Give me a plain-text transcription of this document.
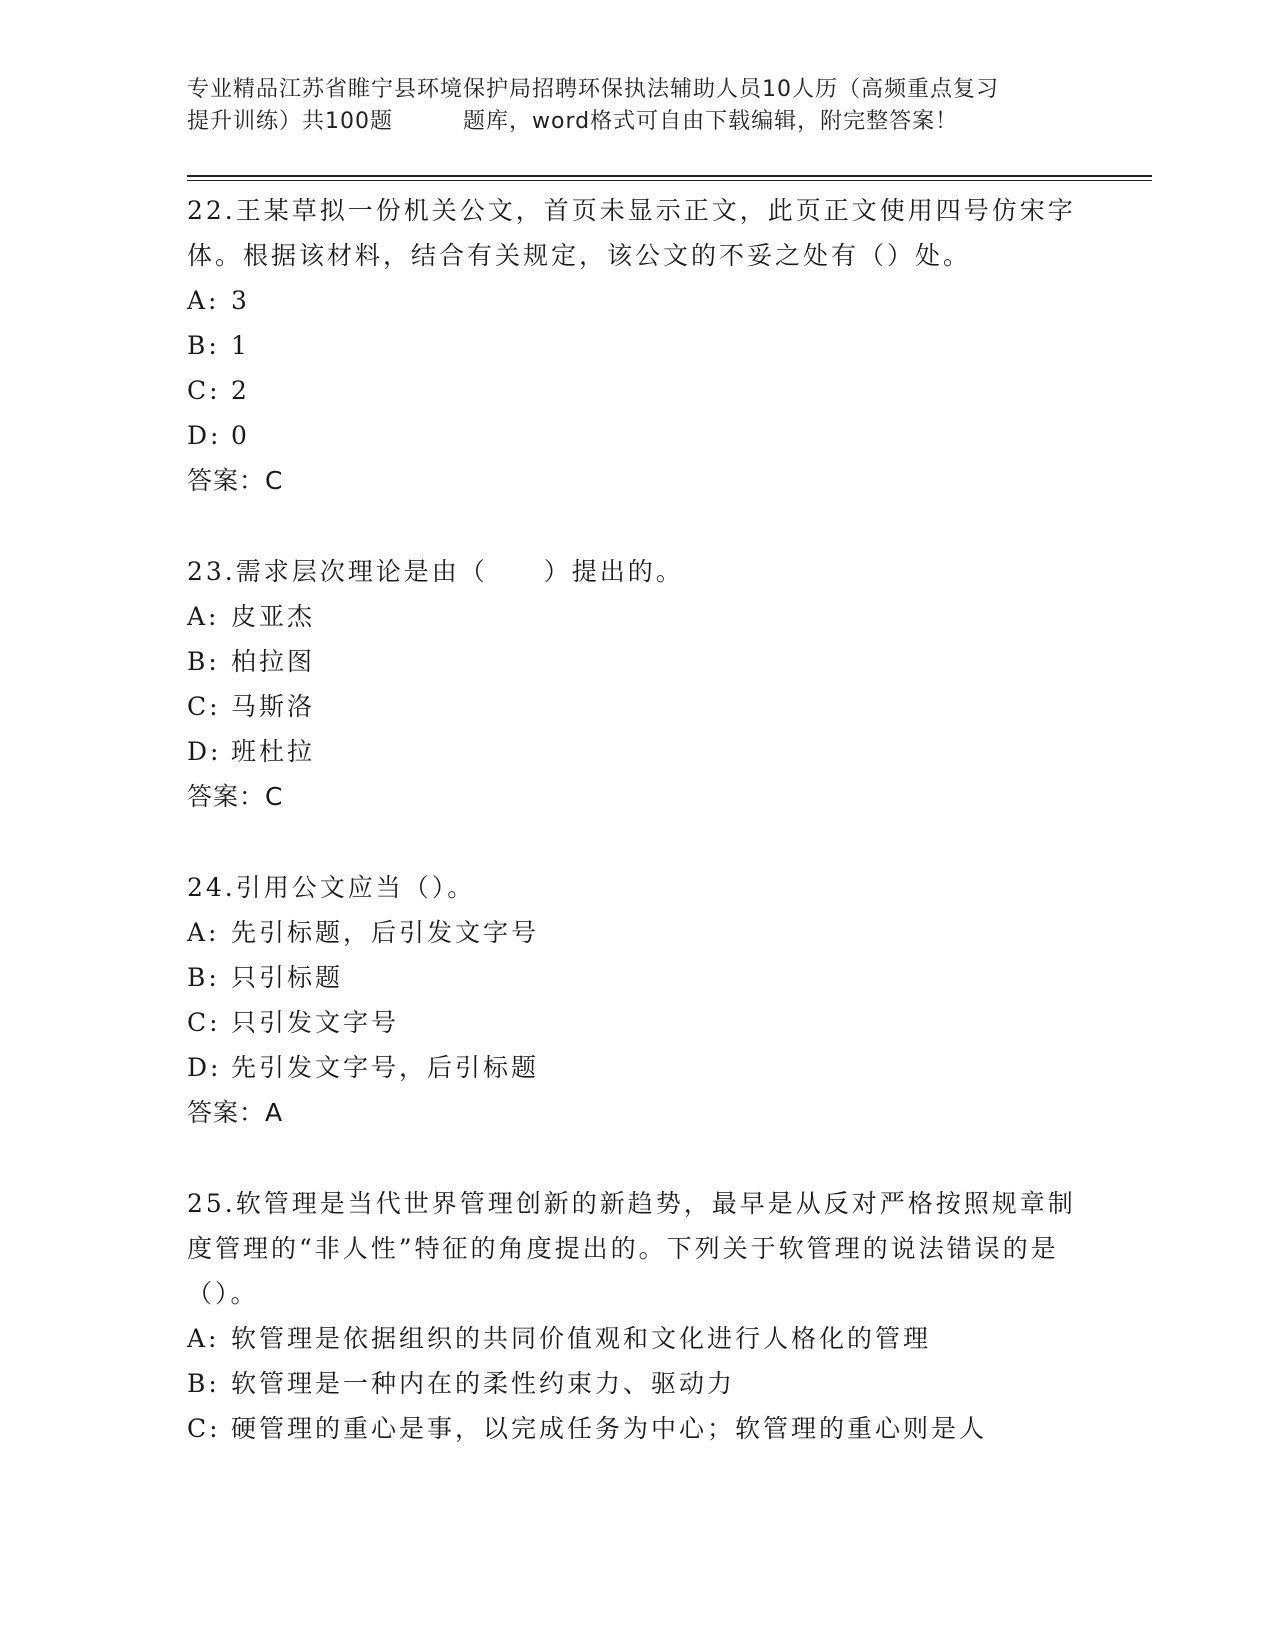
专业精品江苏省睢宁县环境保护局招聘环保执法辅助人员10人历（高频重点复习
提升训练）共100题	题库，word格式可自由下载编辑，附完整答案！

22.王某草拟一份机关公文，首页未显示正文，此页正文使用四号仿宋字体。根据该材料，结合有关规定，该公文的不妥之处有（）处。

A: 3

B: 1

C: 2

D: 0

答案：C

23.需求层次理论是由（　　）提出的。

A: 皮亚杰

B: 柏拉图

C: 马斯洛

D: 班杜拉

答案：C

24.引用公文应当（）。

A: 先引标题，后引发文字号

B: 只引标题

C: 只引发文字号

D: 先引发文字号，后引标题

答案：A

25.软管理是当代世界管理创新的新趋势，最早是从反对严格按照规章制度管理的“非人性”特征的角度提出的。下列关于软管理的说法错误的是（）。

A: 软管理是依据组织的共同价值观和文化进行人格化的管理

B: 软管理是一种内在的柔性约束力、驱动力

C: 硬管理的重心是事，以完成任务为中心；软管理的重心则是人
